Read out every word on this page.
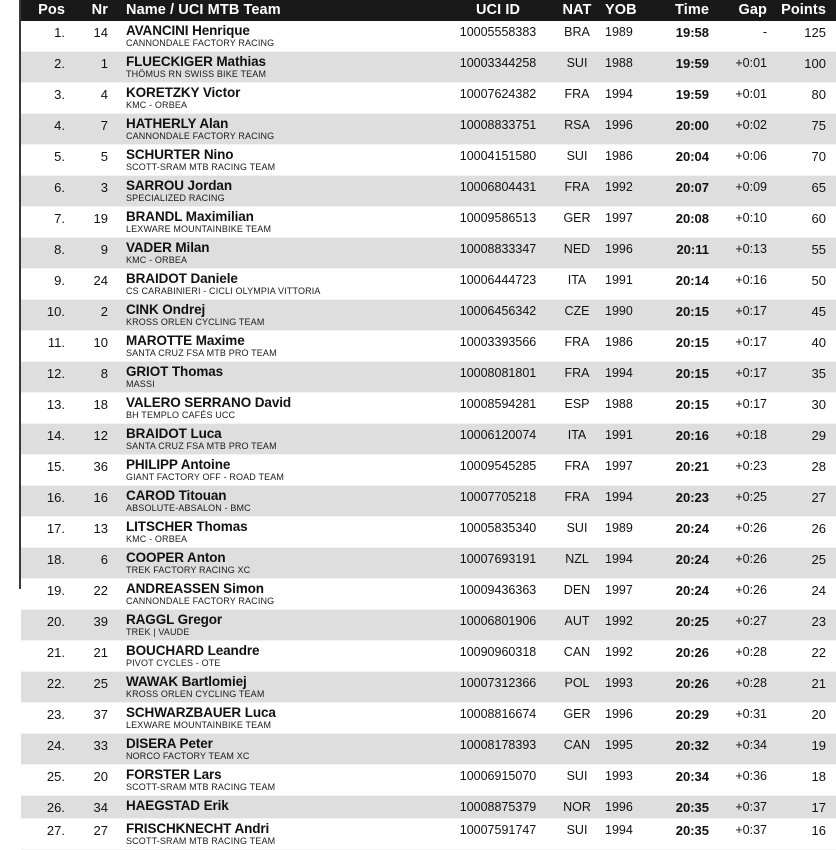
Pos	Nr	Name / UCI MTB Team	UCI ID	NAT	YOB	Time	Gap	Points

1.	14	AVANCINI Henrique
CANNONDALE FACTORY RACING	10005558383	BRA	1989	19:58	-	125

2.	1	FLUECKIGER Mathias
THÖMUS RN SWISS BIKE TEAM	10003344258	SUI	1988	19:59	+0:01	100

3.	4	KORETZKY Victor
KMC - ORBEA	10007624382	FRA	1994	19:59	+0:01	80

4.	7	HATHERLY Alan
CANNONDALE FACTORY RACING	10008833751	RSA	1996	20:00	+0:02	75

5.	5	SCHURTER Nino
SCOTT-SRAM MTB RACING TEAM	10004151580	SUI	1986	20:04	+0:06	70

6.	3	SARROU Jordan
SPECIALIZED RACING	10006804431	FRA	1992	20:07	+0:09	65

7.	19	BRANDL Maximilian
LEXWARE MOUNTAINBIKE TEAM	10009586513	GER	1997	20:08	+0:10	60

8.	9	VADER Milan
KMC - ORBEA	10008833347	NED	1996	20:11	+0:13	55

9.	24	BRAIDOT Daniele
CS CARABINIERI - CICLI OLYMPIA VITTORIA	10006444723	ITA	1991	20:14	+0:16	50

10.	2	CINK Ondrej
KROSS ORLEN CYCLING TEAM	10006456342	CZE	1990	20:15	+0:17	45

11.	10	MAROTTE Maxime
SANTA CRUZ FSA MTB PRO TEAM	10003393566	FRA	1986	20:15	+0:17	40

12.	8	GRIOT Thomas
MASSI	10008081801	FRA	1994	20:15	+0:17	35

13.	18	VALERO SERRANO David
BH TEMPLO CAFÉS UCC	10008594281	ESP	1988	20:15	+0:17	30

14.	12	BRAIDOT Luca
SANTA CRUZ FSA MTB PRO TEAM	10006120074	ITA	1991	20:16	+0:18	29

15.	36	PHILIPP Antoine
GIANT FACTORY OFF - ROAD TEAM	10009545285	FRA	1997	20:21	+0:23	28

16.	16	CAROD Titouan
ABSOLUTE-ABSALON - BMC	10007705218	FRA	1994	20:23	+0:25	27

17.	13	LITSCHER Thomas
KMC - ORBEA	10005835340	SUI	1989	20:24	+0:26	26

18.	6	COOPER Anton
TREK FACTORY RACING XC	10007693191	NZL	1994	20:24	+0:26	25

19.	22	ANDREASSEN Simon
CANNONDALE FACTORY RACING	10009436363	DEN	1997	20:24	+0:26	24

20.	39	RAGGL Gregor
TREK | VAUDE	10006801906	AUT	1992	20:25	+0:27	23

21.	21	BOUCHARD Leandre
PIVOT CYCLES - OTE	10090960318	CAN	1992	20:26	+0:28	22

22.	25	WAWAK Bartlomiej
KROSS ORLEN CYCLING TEAM	10007312366	POL	1993	20:26	+0:28	21

23.	37	SCHWARZBAUER Luca
LEXWARE MOUNTAINBIKE TEAM	10008816674	GER	1996	20:29	+0:31	20

24.	33	DISERA Peter
NORCO FACTORY TEAM XC	10008178393	CAN	1995	20:32	+0:34	19

25.	20	FORSTER Lars
SCOTT-SRAM MTB RACING TEAM	10006915070	SUI	1993	20:34	+0:36	18

26.	34	HAEGSTAD Erik	10008875379	NOR	1996	20:35	+0:37	17

27.	27	FRISCHKNECHT Andri
SCOTT-SRAM MTB RACING TEAM	10007591747	SUI	1994	20:35	+0:37	16
